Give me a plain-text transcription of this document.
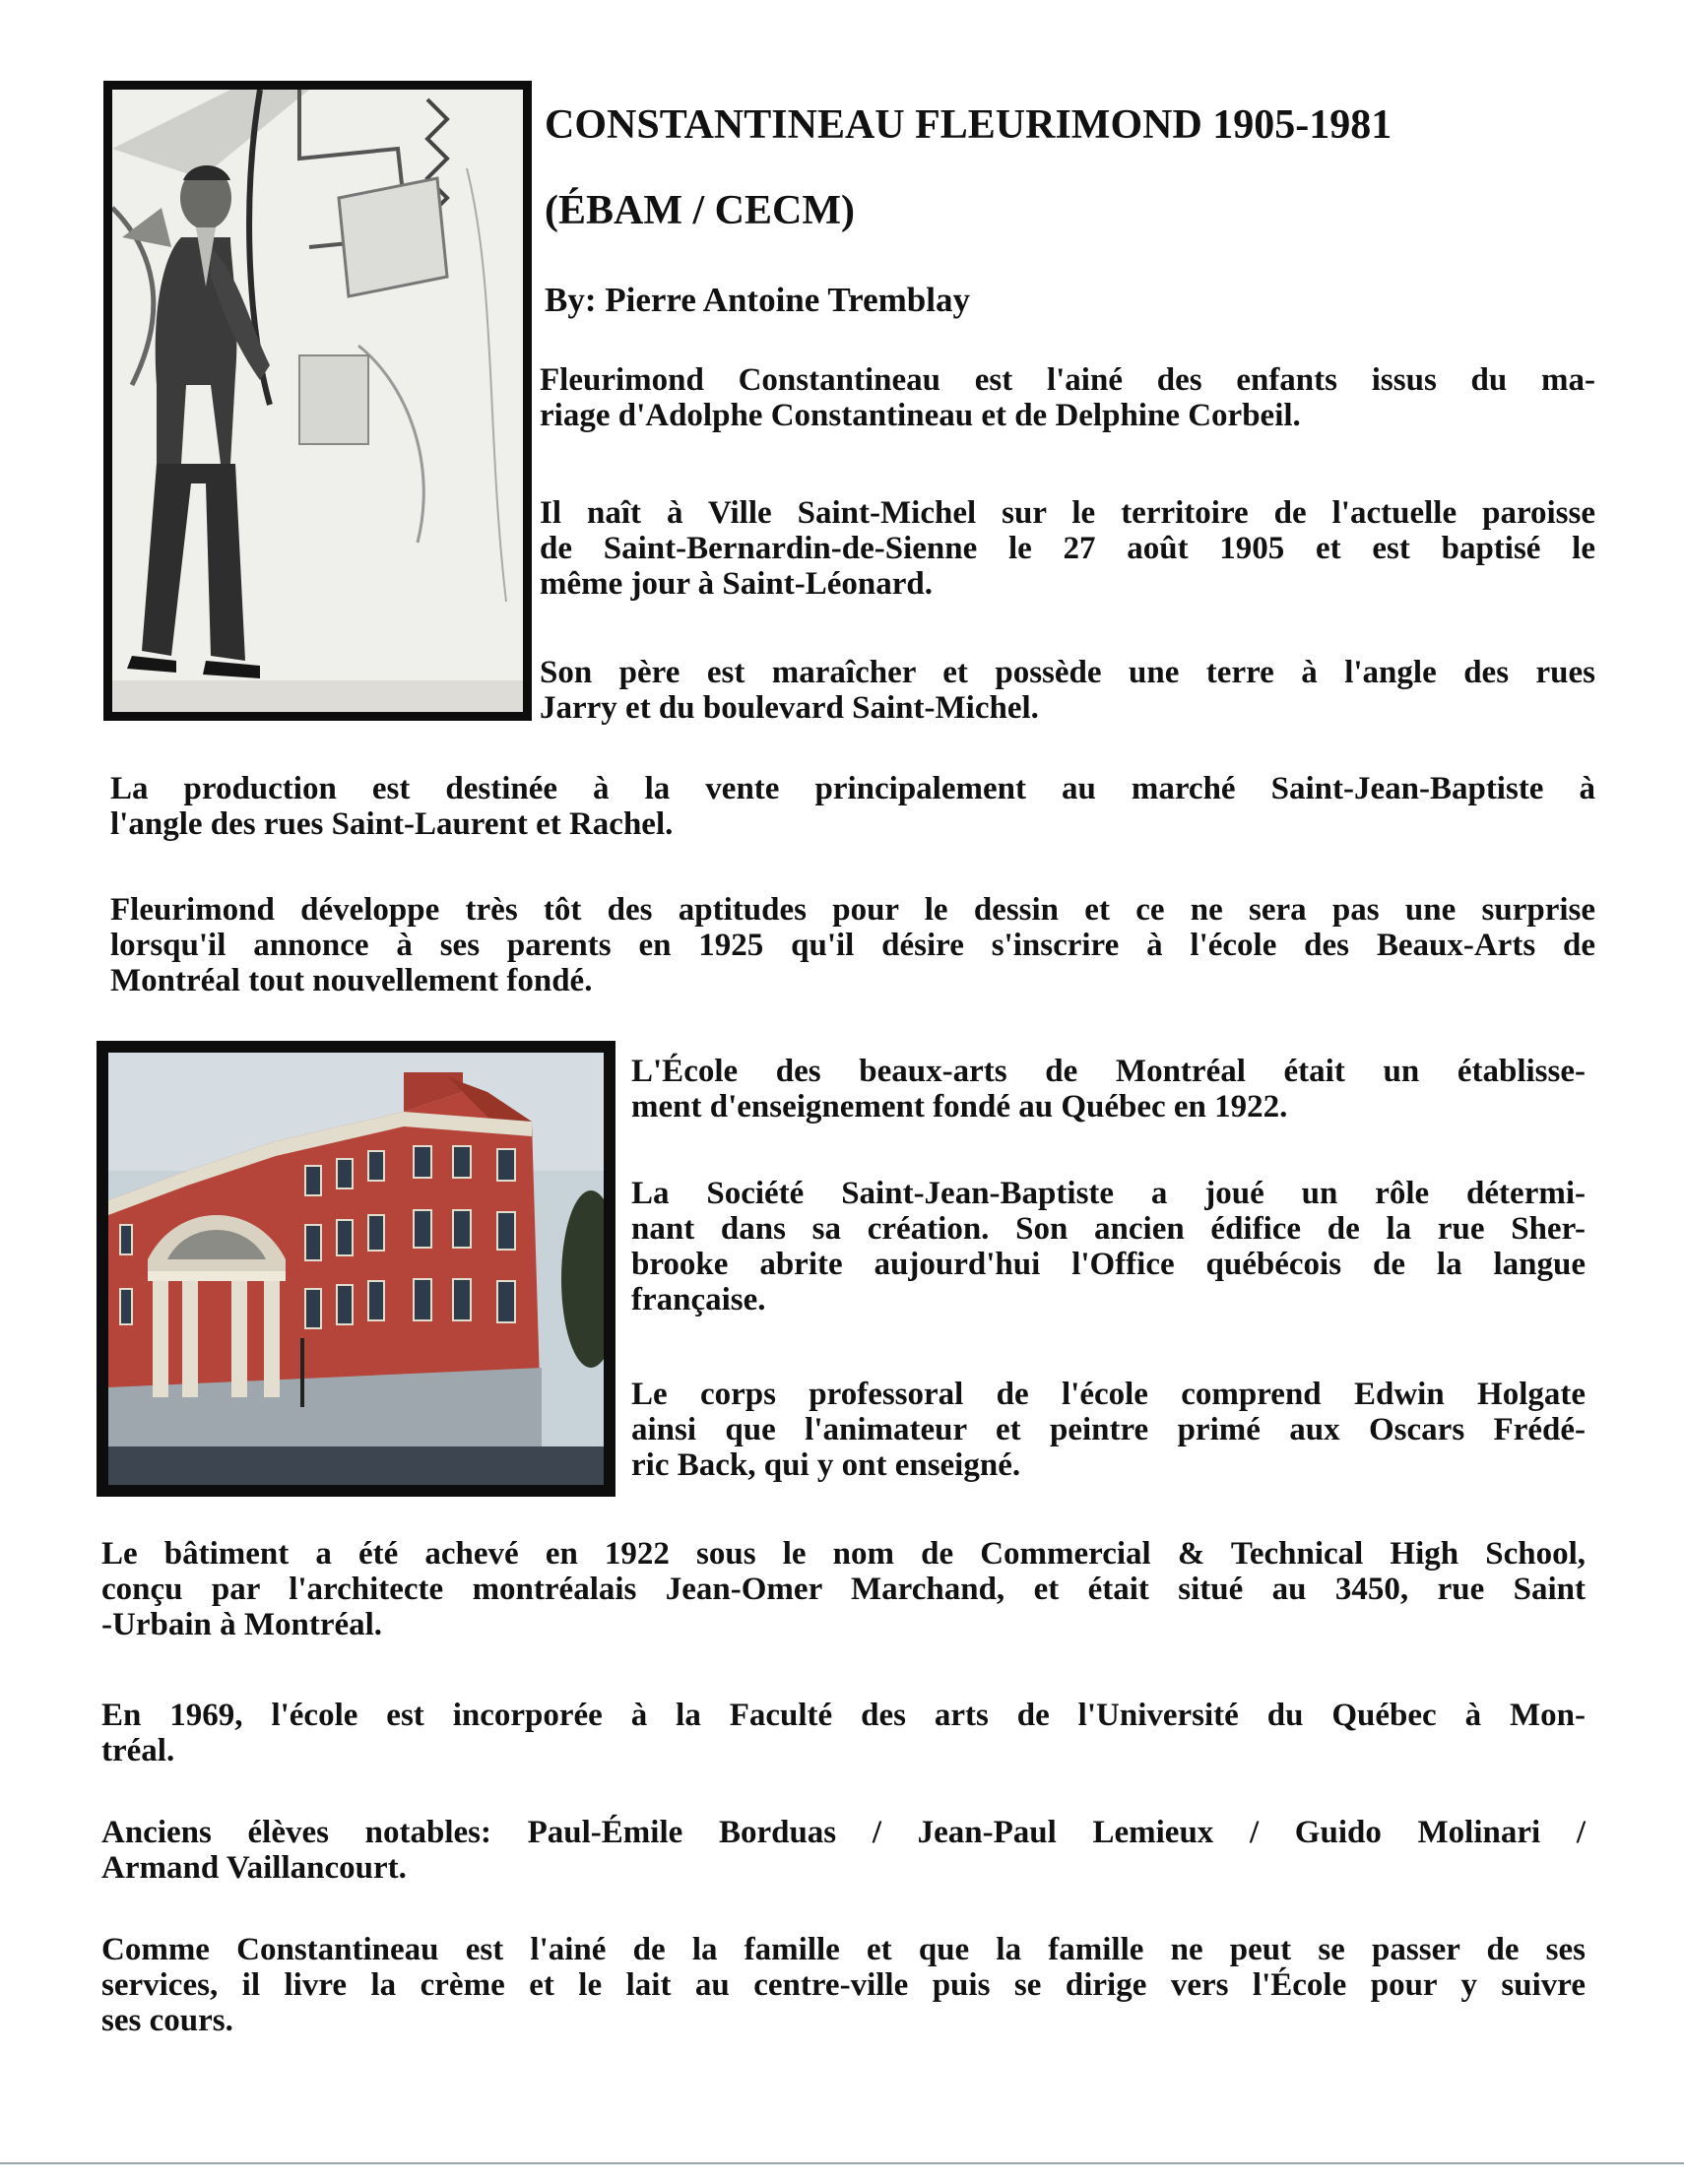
CONSTANTINEAU FLEURIMOND 1905-1981
(ÉBAM / CECM)

By: Pierre Antoine Tremblay

Fleurimond Constantineau est l'ainé des enfants issus du ma-
riage d'Adolphe Constantineau et de Delphine Corbeil.
Il naît à Ville Saint-Michel sur le territoire de l'actuelle paroisse
de Saint-Bernardin-de-Sienne le 27 août 1905 et est baptisé le
même jour à Saint-Léonard.
Son père est maraîcher et possède une terre à l'angle des rues
Jarry et du boulevard Saint-Michel.
La production est destinée à la vente principalement au marché Saint-Jean-Baptiste à
l'angle des rues Saint-Laurent et Rachel.
Fleurimond développe très tôt des aptitudes pour le dessin et ce ne sera pas une surprise
lorsqu'il annonce à ses parents en 1925 qu'il désire s'inscrire à l'école des Beaux-Arts de
Montréal tout nouvellement fondé.
L'École des beaux-arts de Montréal était un établisse-
ment d'enseignement fondé au Québec en 1922.
La Société Saint-Jean-Baptiste a joué un rôle détermi-
nant dans sa création. Son ancien édifice de la rue Sher-
brooke abrite aujourd'hui l'Office québécois de la langue
française.
Le corps professoral de l'école comprend Edwin Holgate
ainsi que l'animateur et peintre primé aux Oscars Frédé-
ric Back, qui y ont enseigné.
Le bâtiment a été achevé en 1922 sous le nom de Commercial & Technical High School,
conçu par l'architecte montréalais Jean-Omer Marchand, et était situé au 3450, rue Saint
-Urbain à Montréal.
En 1969, l'école est incorporée à la Faculté des arts de l'Université du Québec à Mon-
tréal.
Anciens élèves notables: Paul-Émile Borduas / Jean-Paul Lemieux / Guido Molinari /
Armand Vaillancourt.
Comme Constantineau est l'ainé de la famille et que la famille ne peut se passer de ses
services, il livre la crème et le lait au centre-ville puis se dirige vers l'École pour y suivre
ses cours.
